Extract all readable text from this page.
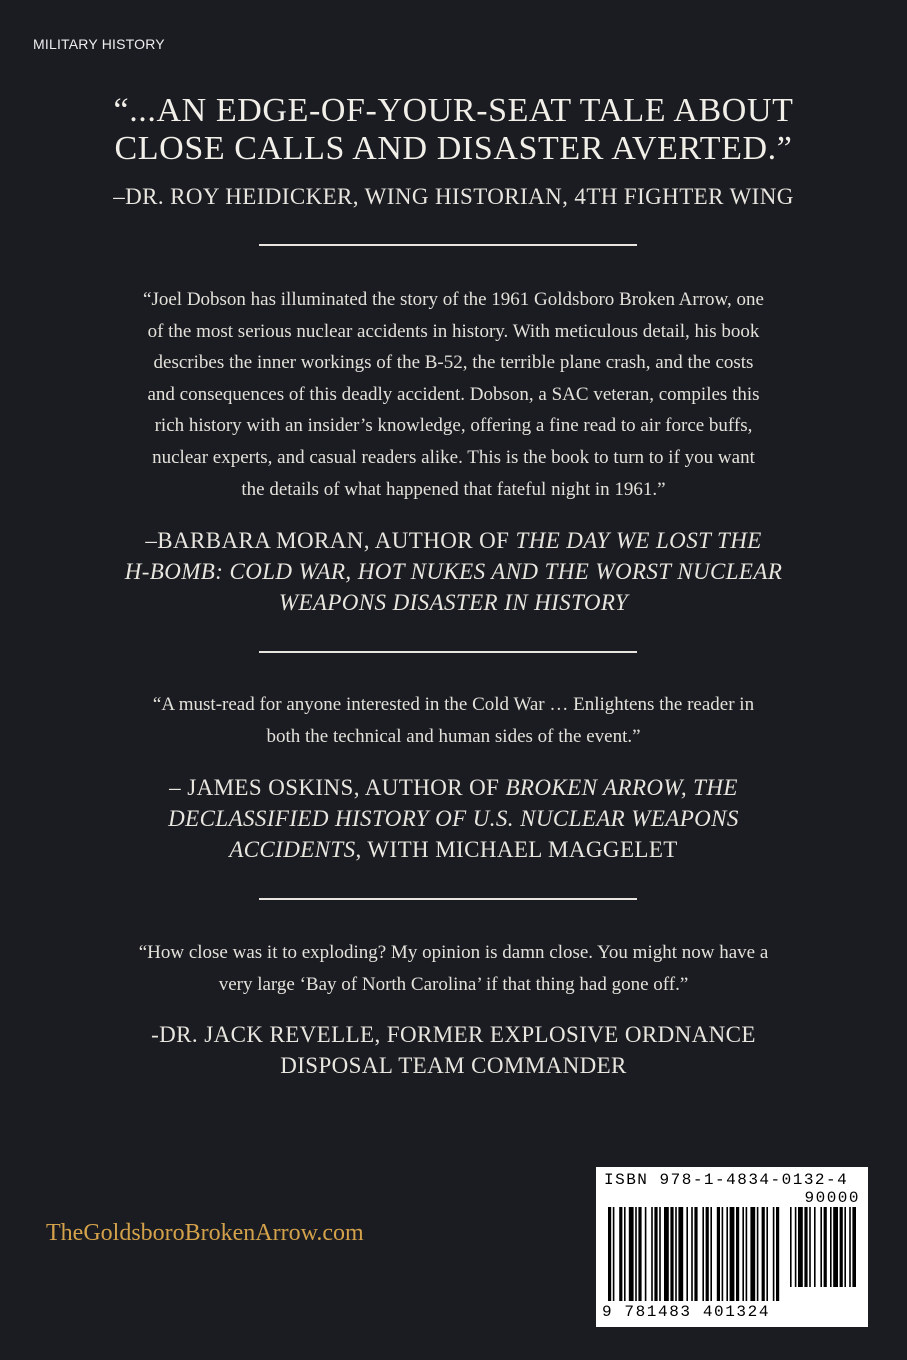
MILITARY HISTORY
“...AN EDGE-OF-YOUR-SEAT TALE ABOUT
CLOSE CALLS AND DISASTER AVERTED.”
–DR. ROY HEIDICKER, WING HISTORIAN, 4TH FIGHTER WING
“Joel Dobson has illuminated the story of the 1961 Goldsboro Broken Arrow, one
of the most serious nuclear accidents in history. With meticulous detail, his book
describes the inner workings of the B-52, the terrible plane crash, and the costs
and consequences of this deadly accident. Dobson, a SAC veteran, compiles this
rich history with an insider’s knowledge, offering a fine read to air force buffs,
nuclear experts, and casual readers alike. This is the book to turn to if you want
the details of what happened that fateful night in 1961.”
–BARBARA MORAN, AUTHOR OF THE DAY WE LOST THE
H-BOMB: COLD WAR, HOT NUKES AND THE WORST NUCLEAR
WEAPONS DISASTER IN HISTORY
“A must-read for anyone interested in the Cold War … Enlightens the reader in
both the technical and human sides of the event.”
– JAMES OSKINS, AUTHOR OF BROKEN ARROW, THE
DECLASSIFIED HISTORY OF U.S. NUCLEAR WEAPONS
ACCIDENTS, WITH MICHAEL MAGGELET
“How close was it to exploding? My opinion is damn close. You might now have a
very large ‘Bay of North Carolina’ if that thing had gone off.”
-DR. JACK REVELLE, FORMER EXPLOSIVE ORDNANCE
DISPOSAL TEAM COMMANDER
TheGoldsboroBrokenArrow.com
ISBN 978-1-4834-0132-4
90000
9 781483 401324
